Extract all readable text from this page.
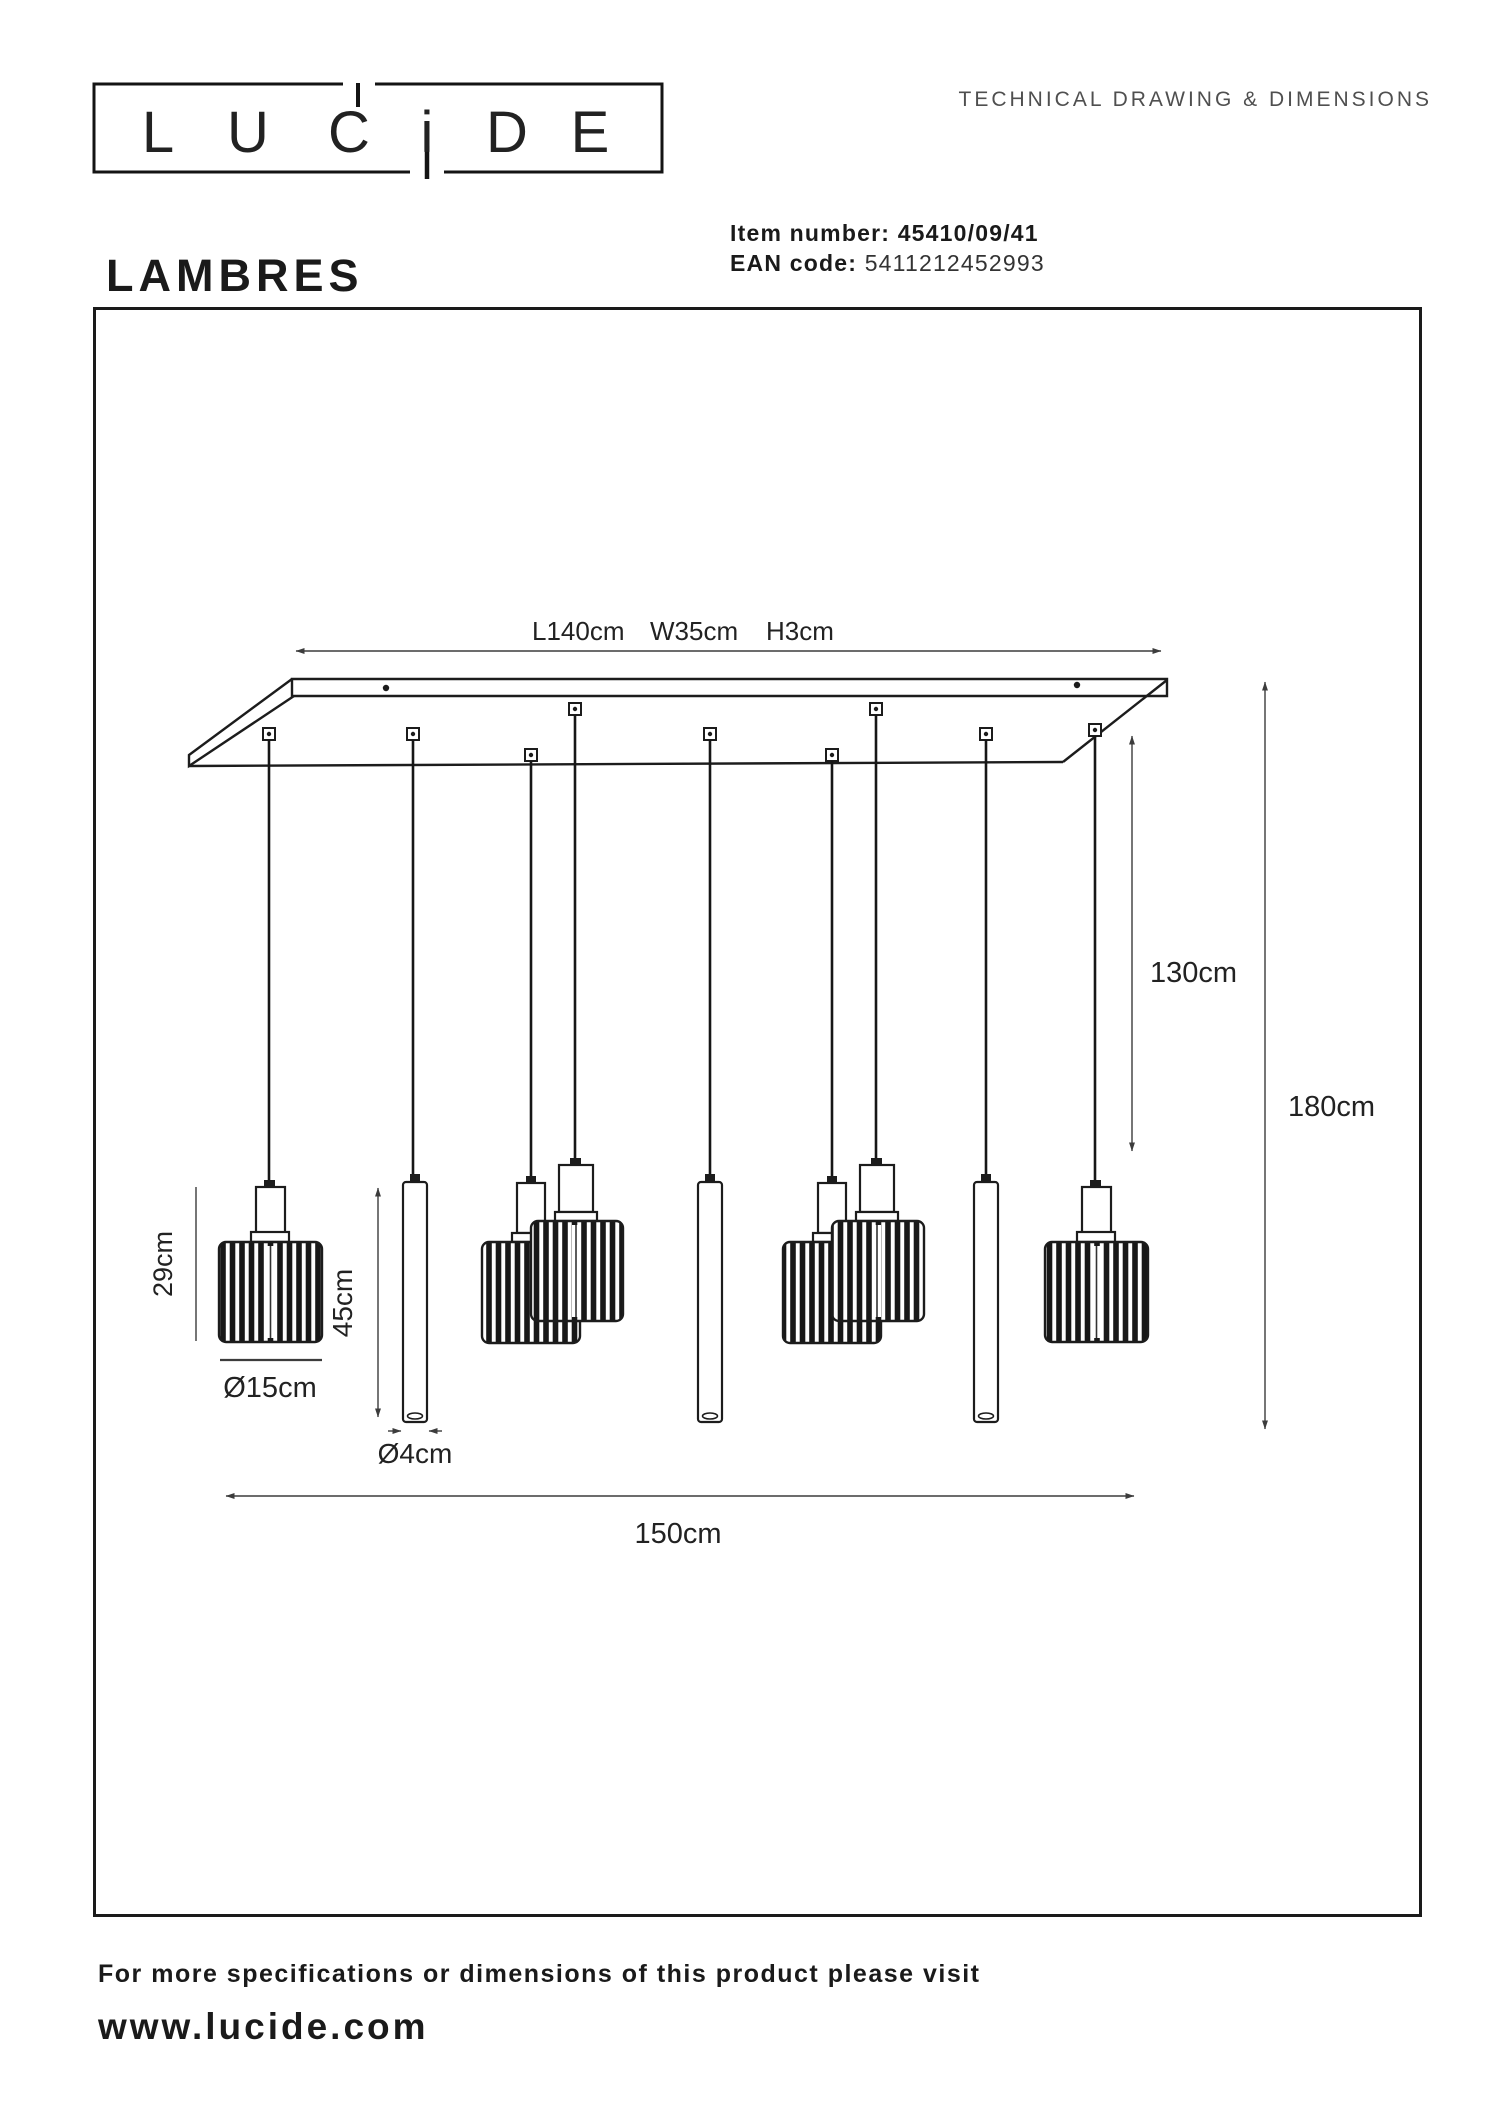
L U C i D E
TECHNICAL DRAWING & DIMENSIONS
LAMBRES
Item number: 45410/09/41
EAN code: 5411212452993
L140cm W35cm H3cm
130cm
180cm
29cm
Ø15cm
45cm
Ø4cm
150cm
For more specifications or dimensions of this product please visit
www.lucide.com
